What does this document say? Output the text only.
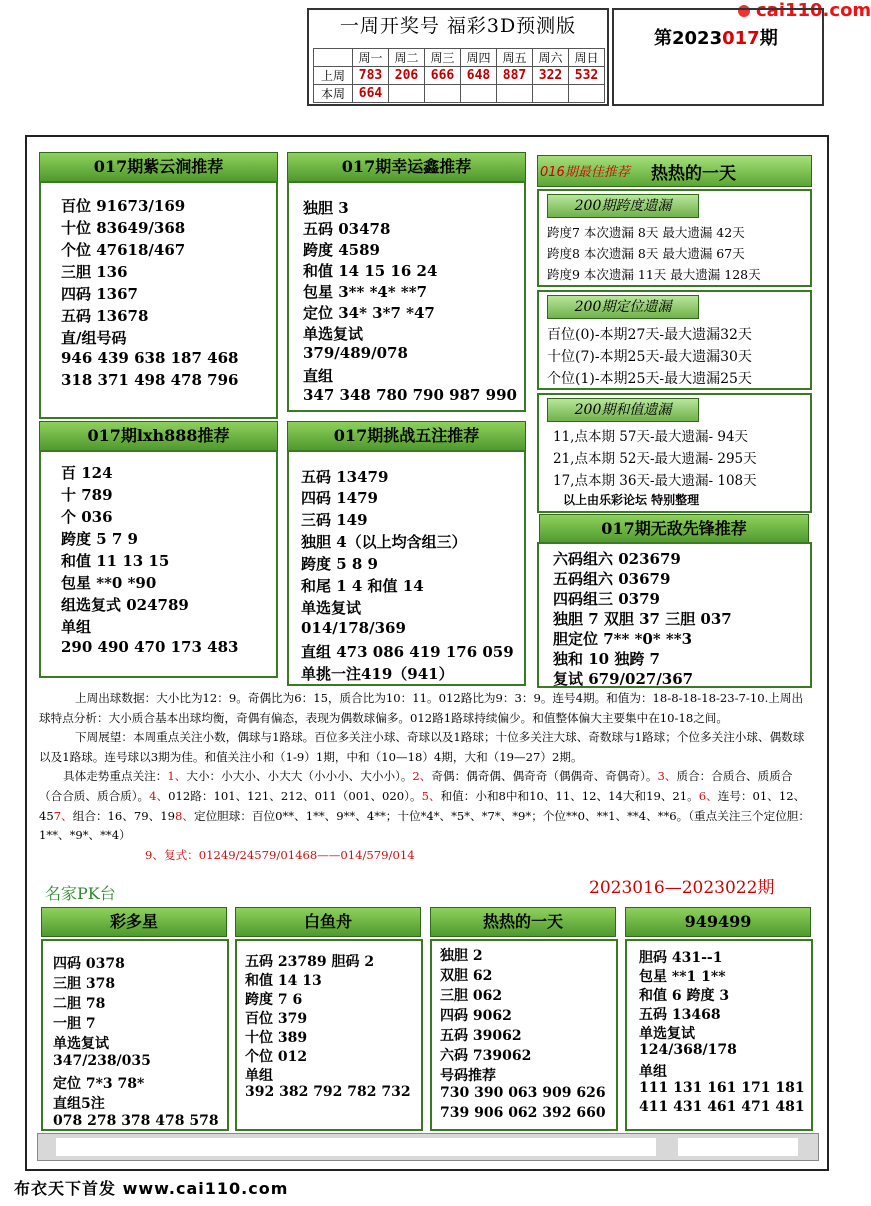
cai110.com
一周开奖号 福彩3D预测版
	周一	周二	周三	周四	周五	周六	周日
上周	783	206	666	648	887	322	532
本周	664						
第2023017期
017期紫云涧推荐
百位 91673/169
十位 83649/368
个位 47618/467
三胆 136
四码 1367
五码 13678
直/组号码
946 439 638 187 468
318 371 498 478 796
017期幸运鑫推荐
独胆 3
五码 03478
跨度 4589
和值 14 15 16 24
包星 3** *4* **7
定位 34* 3*7 *47
单选复试
379/489/078
直组
347 348 780 790 987 990
017期lxh888推荐
百 124
十 789
个 036
跨度 5 7 9
和值 11 13 15
包星 **0 *90
组选复式 024789
单组
290 490 470 173 483
017期挑战五注推荐
五码 13479
四码 1479
三码 149
独胆 4（以上均含组三）
跨度 5 8 9
和尾 1 4 和值 14
单选复试
014/178/369
直组 473 086 419 176 059
单挑一注419（941）
016期最佳推荐 热热的一天
200期跨度遗漏
跨度7 本次遗漏 8天 最大遗漏 42天
跨度8 本次遗漏 8天 最大遗漏 67天
跨度9 本次遗漏 11天 最大遗漏 128天
200期定位遗漏
百位(0)-本期27天-最大遗漏32天
十位(7)-本期25天-最大遗漏30天
个位(1)-本期25天-最大遗漏25天
200期和值遗漏
11,点本期 57天-最大遗漏- 94天
21,点本期 52天-最大遗漏- 295天
17,点本期 36天-最大遗漏- 108天
以上由乐彩论坛 特别整理
017期无敌先锋推荐
六码组六 023679
五码组六 03679
四码组三 0379
独胆 7 双胆 37 三胆 037
胆定位 7** *0* **3
独和 10 独跨 7
复试 679/027/367

上周出球数据：大小比为12：9。奇偶比为6：15，质合比为10：11。012路比为9：3：9。连号4期。和值为：18-8-18-18-23-7-10.上周出球特点分析：大小质合基本出球均衡，奇偶有偏态，表现为偶数球偏多。012路1路球持续偏少。和值整体偏大主要集中在10-18之间。

下周展望：本周重点关注小数，偶球与1路球。百位多关注小球、奇球以及1路球；十位多关注大球、奇数球与1路球；个位多关注小球、偶数球以及1路球。连号球以3期为佳。和值关注小和（1-9）1期，中和（10—18）4期，大和（19—27）2期。

具体走势重点关注：1、大小：小大小、小大大（小小小、大小小）。2、奇偶：偶奇偶、偶奇奇（偶偶奇、奇偶奇）。3、质合：合质合、质质合（合合质、质合质）。4、012路：101、121、212、011（001、020）。5、和值：小和8中和10、11、12、14大和19、21。6、连号：01、12、457、组合：16、79、198、定位胆球：百位0**、1**、9**、4**；十位*4*、*5*、*7*、*9*；个位**0、**1、**4、**6。（重点关注三个定位胆：1**、*9*、**4）

9、复式：01249/24579/01468——014/579/014

名家PK台	2023016—2023022期
彩多星
四码 0378
三胆 378
二胆 78
一胆 7
单选复试
347/238/035
定位 7*3 78*
直组5注
078 278 378 478 578
白鱼舟
五码 23789 胆码 2
和值 14 13
跨度 7 6
百位 379
十位 389
个位 012
单组
392 382 792 782 732
热热的一天
独胆 2
双胆 62
三胆 062
四码 9062
五码 39062
六码 739062
号码推荐
730 390 063 909 626
739 906 062 392 660
949499
胆码 431--1
包星 **1 1**
和值 6 跨度 3
五码 13468
单选复试
124/368/178
单组
111 131 161 171 181
411 431 461 471 481
布衣天下首发 www.cai110.com
